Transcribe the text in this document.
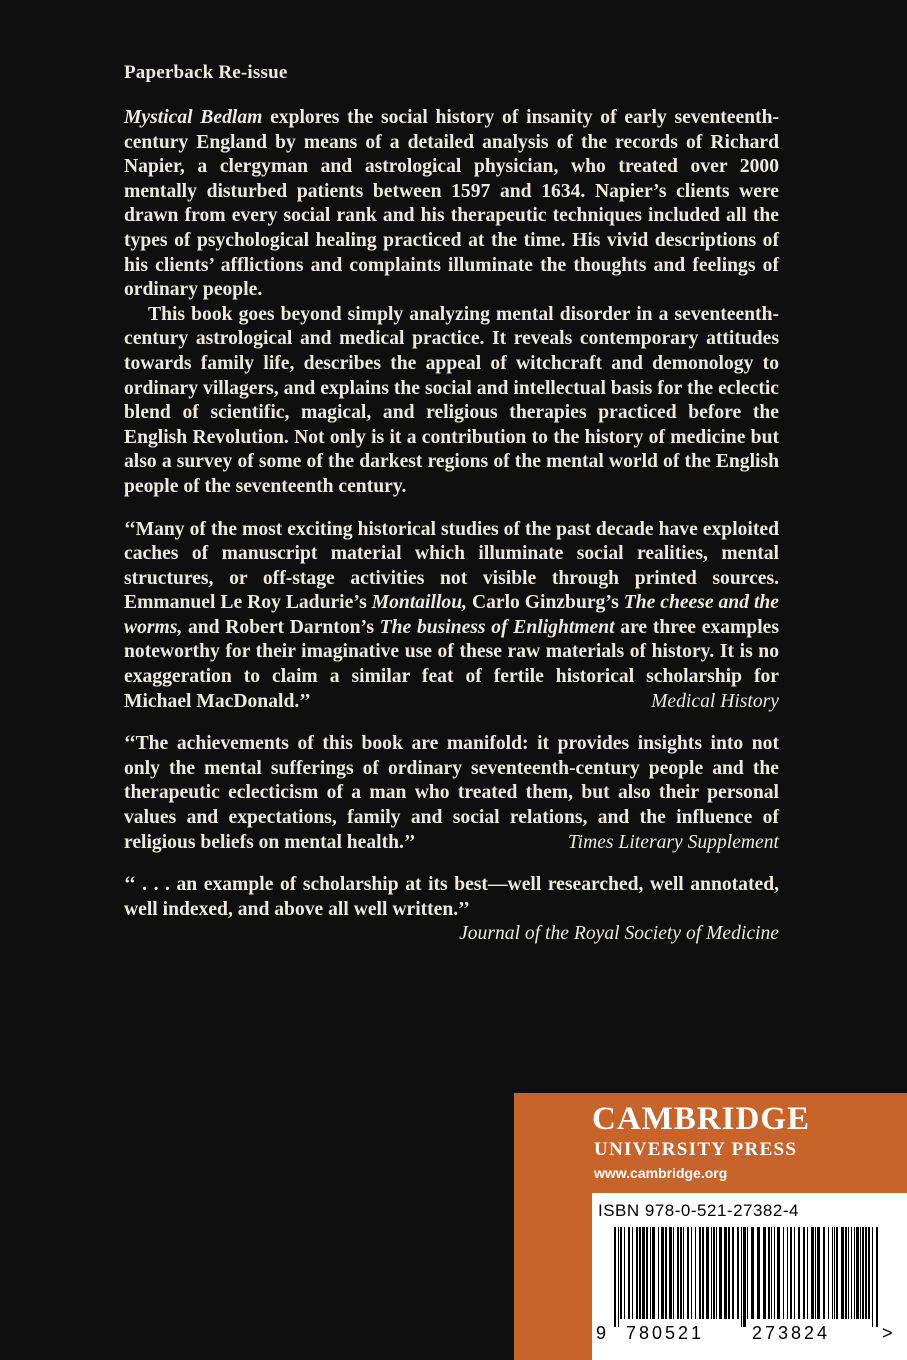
Paperback Re-issue

Mystical Bedlam explores the social history of insanity of early seventeenth-century England by means of a detailed analysis of the records of Richard Napier, a clergyman and astrological physician, who treated over 2000 mentally disturbed patients between 1597 and 1634. Napier’s clients were drawn from every social rank and his therapeutic techniques included all the types of psychological healing practiced at the time. His vivid descriptions of his clients’ afflictions and complaints illuminate the thoughts and feelings of ordinary people.

This book goes beyond simply analyzing mental disorder in a seventeenth-century astrological and medical practice. It reveals contemporary attitudes towards family life, describes the appeal of witchcraft and demonology to ordinary villagers, and explains the social and intellectual basis for the eclectic blend of scientific, magical, and religious therapies practiced before the English Revolution. Not only is it a contribution to the history of medicine but also a survey of some of the darkest regions of the mental world of the English people of the seventeenth century.

‘‘Many of the most exciting historical studies of the past decade have exploited caches of manuscript material which illuminate social realities, mental structures, or off-stage activities not visible through printed sources. Emmanuel Le Roy Ladurie’s Montaillou, Carlo Ginzburg’s The cheese and the worms, and Robert Darnton’s The business of Enlightment are three examples noteworthy for their imaginative use of these raw materials of history. It is no exaggeration to claim a similar feat of fertile historical scholarship for Michael MacDonald.’’	Medical History

‘‘The achievements of this book are manifold: it provides insights into not only the mental sufferings of ordinary seventeenth-century people and the therapeutic eclecticism of a man who treated them, but also their personal values and expectations, family and social relations, and the influence of religious beliefs on mental health.’’	Times Literary Supplement

‘‘ . . . an example of scholarship at its best—well researched, well annotated, well indexed, and above all well written.’’

Journal of the Royal Society of Medicine
CAMBRIDGE
UNIVERSITY PRESS
www.cambridge.org
ISBN 978-0-521-27382-4
9 780521	273824	>
